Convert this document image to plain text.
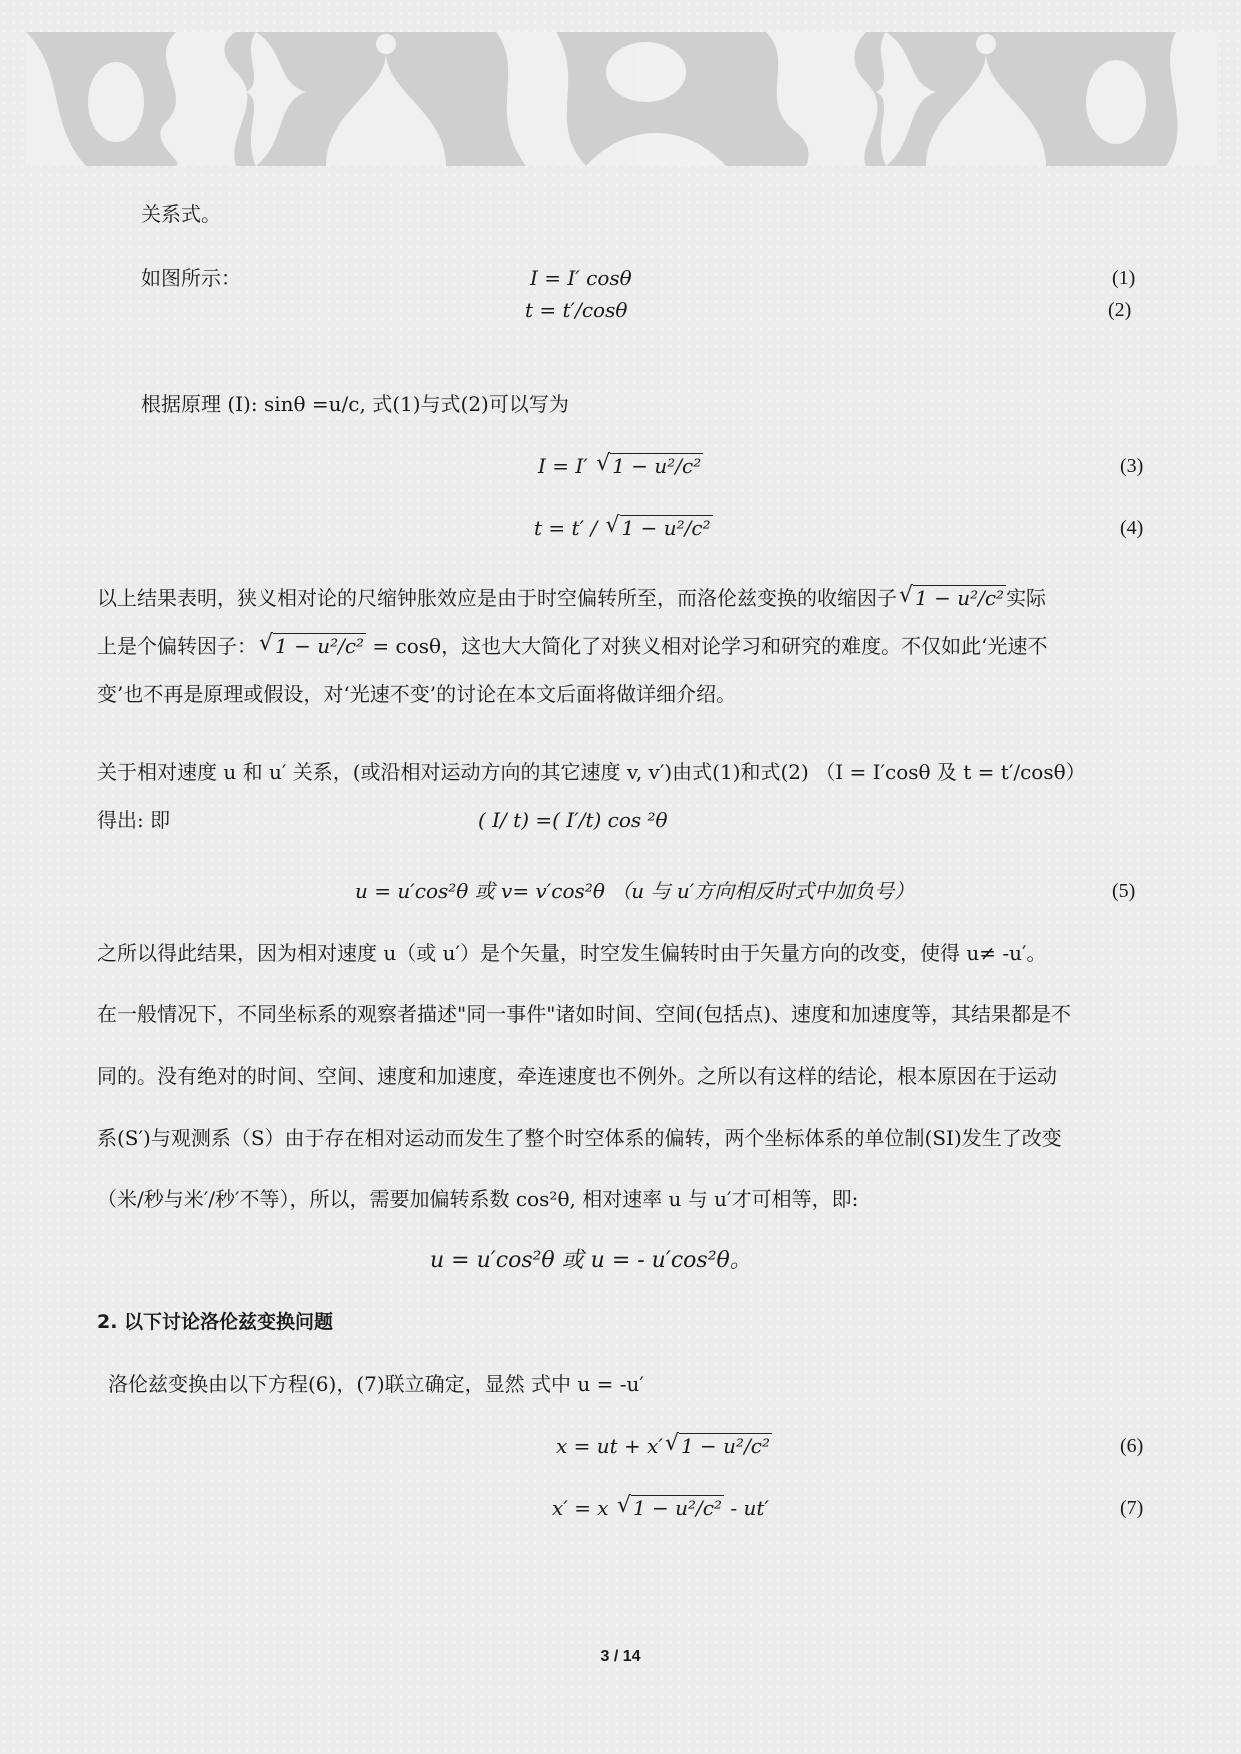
关系式。
如图所示：	I = I′ cosθ	(1)
t = t′/cosθ	(2)
根据原理 (I): sinθ =u/c, 式(1)与式(2)可以写为
I = I′ √ 1 − u²/c²	(3)
t = t′ / √ 1 − u²/c²	(4)
以上结果表明，狭义相对论的尺缩钟胀效应是由于时空偏转所至，而洛伦兹变换的收缩因子 √ 1 − u²/c² 实际
上是个偏转因子： √ 1 − u²/c² = cosθ，这也大大简化了对狭义相对论学习和研究的难度。不仅如此‘光速不
变’也不再是原理或假设，对‘光速不变’的讨论在本文后面将做详细介绍。
关于相对速度 u 和 u′ 关系，(或沿相对运动方向的其它速度 v, v′)由式(1)和式(2) （I = I′cosθ 及 t = t′/cosθ）
得出: 即	( I/ t) =( I′/t) cos ²θ
u = u′cos²θ 或 v= v′cos²θ （u 与 u′方向相反时式中加负号）	(5)
之所以得此结果，因为相对速度 u（或 u′）是个矢量，时空发生偏转时由于矢量方向的改变，使得 u≠ -u′。
在一般情况下，不同坐标系的观察者描述"同一事件"诸如时间、空间(包括点)、速度和加速度等，其结果都是不
同的。没有绝对的时间、空间、速度和加速度，牵连速度也不例外。之所以有这样的结论，根本原因在于运动
系(S′)与观测系（S）由于存在相对运动而发生了整个时空体系的偏转，两个坐标体系的单位制(SI)发生了改变
（米/秒与米′/秒′不等），所以，需要加偏转系数 cos²θ, 相对速率 u 与 u′才可相等，即:
u = u′cos²θ 或 u = - u′cos²θ。
2. 以下讨论洛伦兹变换问题
洛伦兹变换由以下方程(6)，(7)联立确定，显然 式中 u = -u′
x = ut + x′ √ 1 − u²/c²	(6)
x′ = x √ 1 − u²/c² - ut′	(7)
3 / 14
